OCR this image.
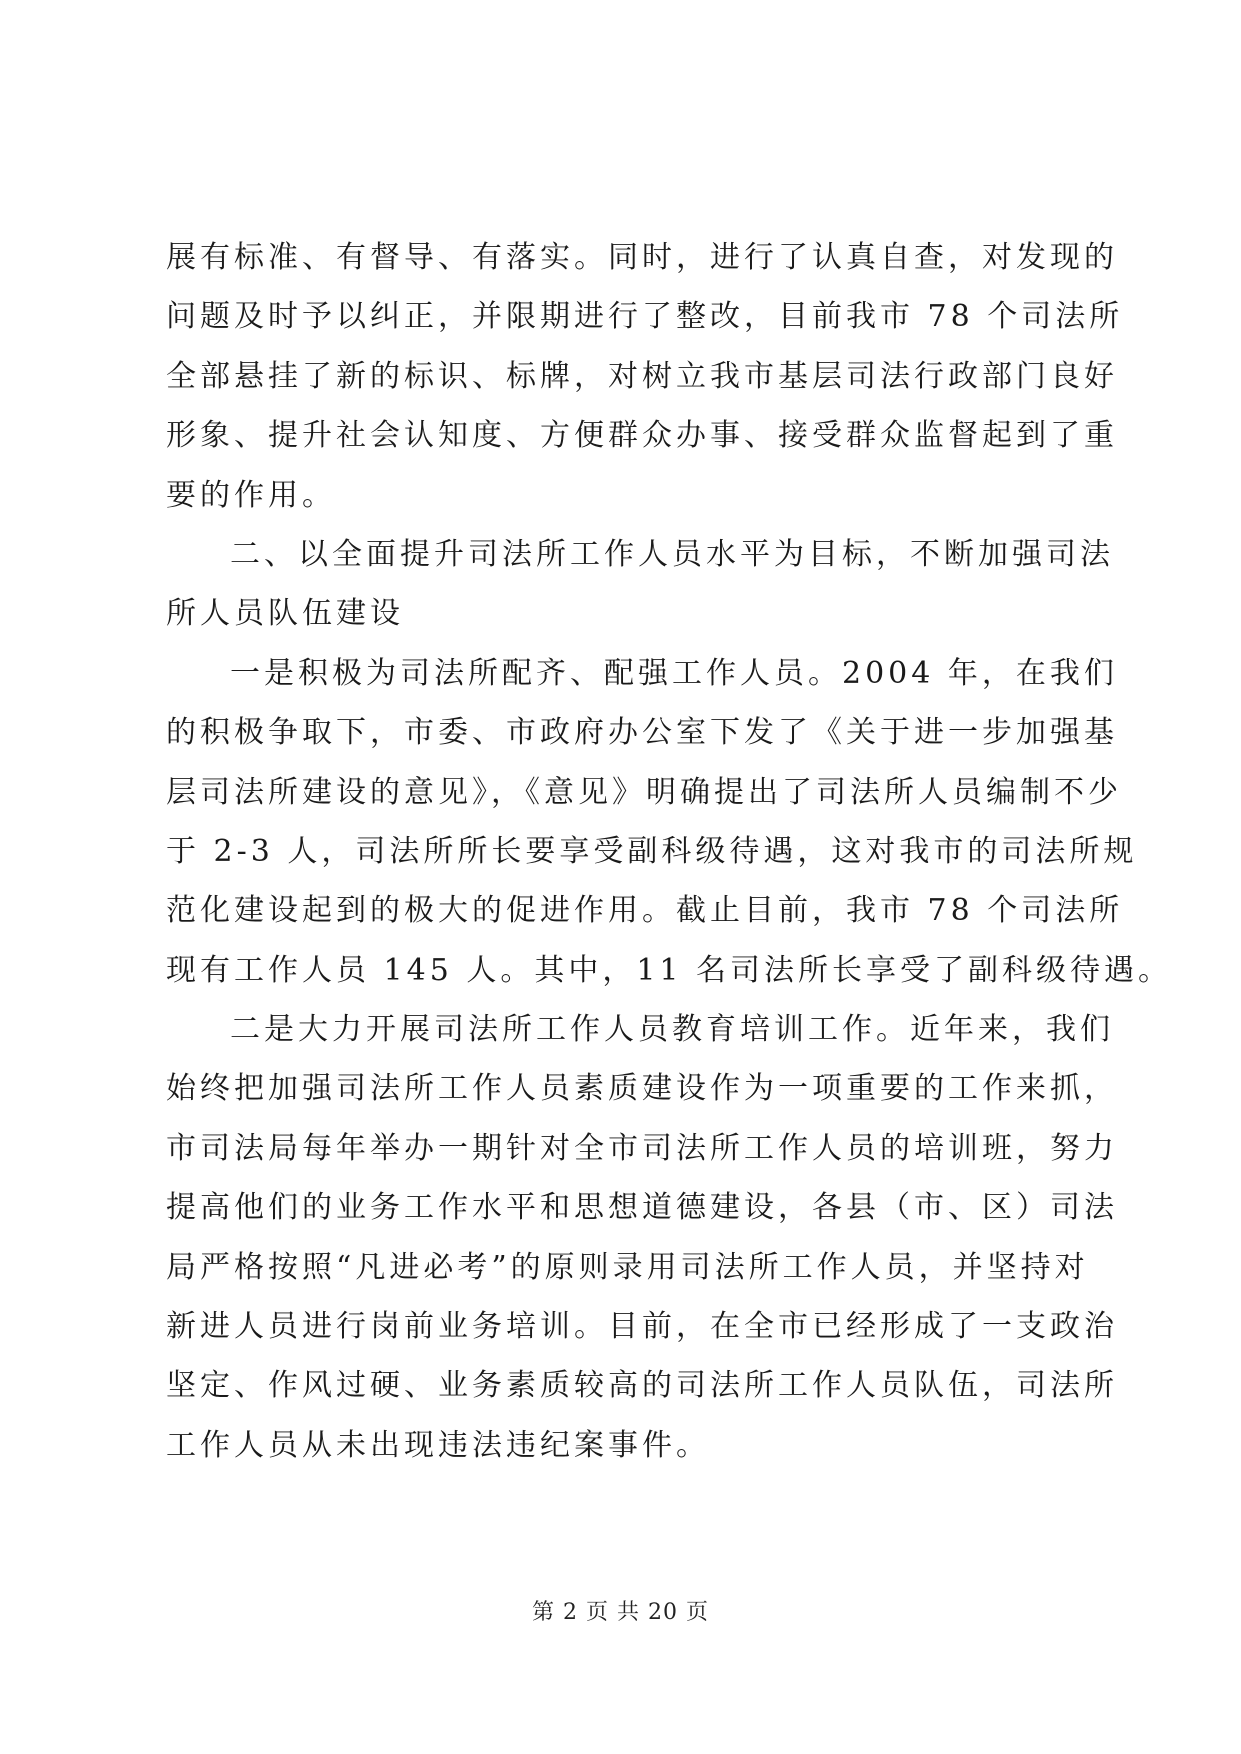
展有标准、有督导、有落实。同时，进行了认真自查，对发现的
问题及时予以纠正，并限期进行了整改，目前我市 78 个司法所
全部悬挂了新的标识、标牌，对树立我市基层司法行政部门良好
形象、提升社会认知度、方便群众办事、接受群众监督起到了重
要的作用。
二、以全面提升司法所工作人员水平为目标，不断加强司法
所人员队伍建设
一是积极为司法所配齐、配强工作人员。2004 年，在我们
的积极争取下，市委、市政府办公室下发了《关于进一步加强基
层司法所建设的意见》，《意见》明确提出了司法所人员编制不少
于 2-3 人，司法所所长要享受副科级待遇，这对我市的司法所规
范化建设起到的极大的促进作用。截止目前，我市 78 个司法所
现有工作人员 145 人。其中，11 名司法所长享受了副科级待遇。
二是大力开展司法所工作人员教育培训工作。近年来，我们
始终把加强司法所工作人员素质建设作为一项重要的工作来抓，
市司法局每年举办一期针对全市司法所工作人员的培训班，努力
提高他们的业务工作水平和思想道德建设，各县（市、区）司法
局严格按照“凡进必考”的原则录用司法所工作人员，并坚持对
新进人员进行岗前业务培训。目前，在全市已经形成了一支政治
坚定、作风过硬、业务素质较高的司法所工作人员队伍，司法所
工作人员从未出现违法违纪案事件。
第 2 页 共 20 页
